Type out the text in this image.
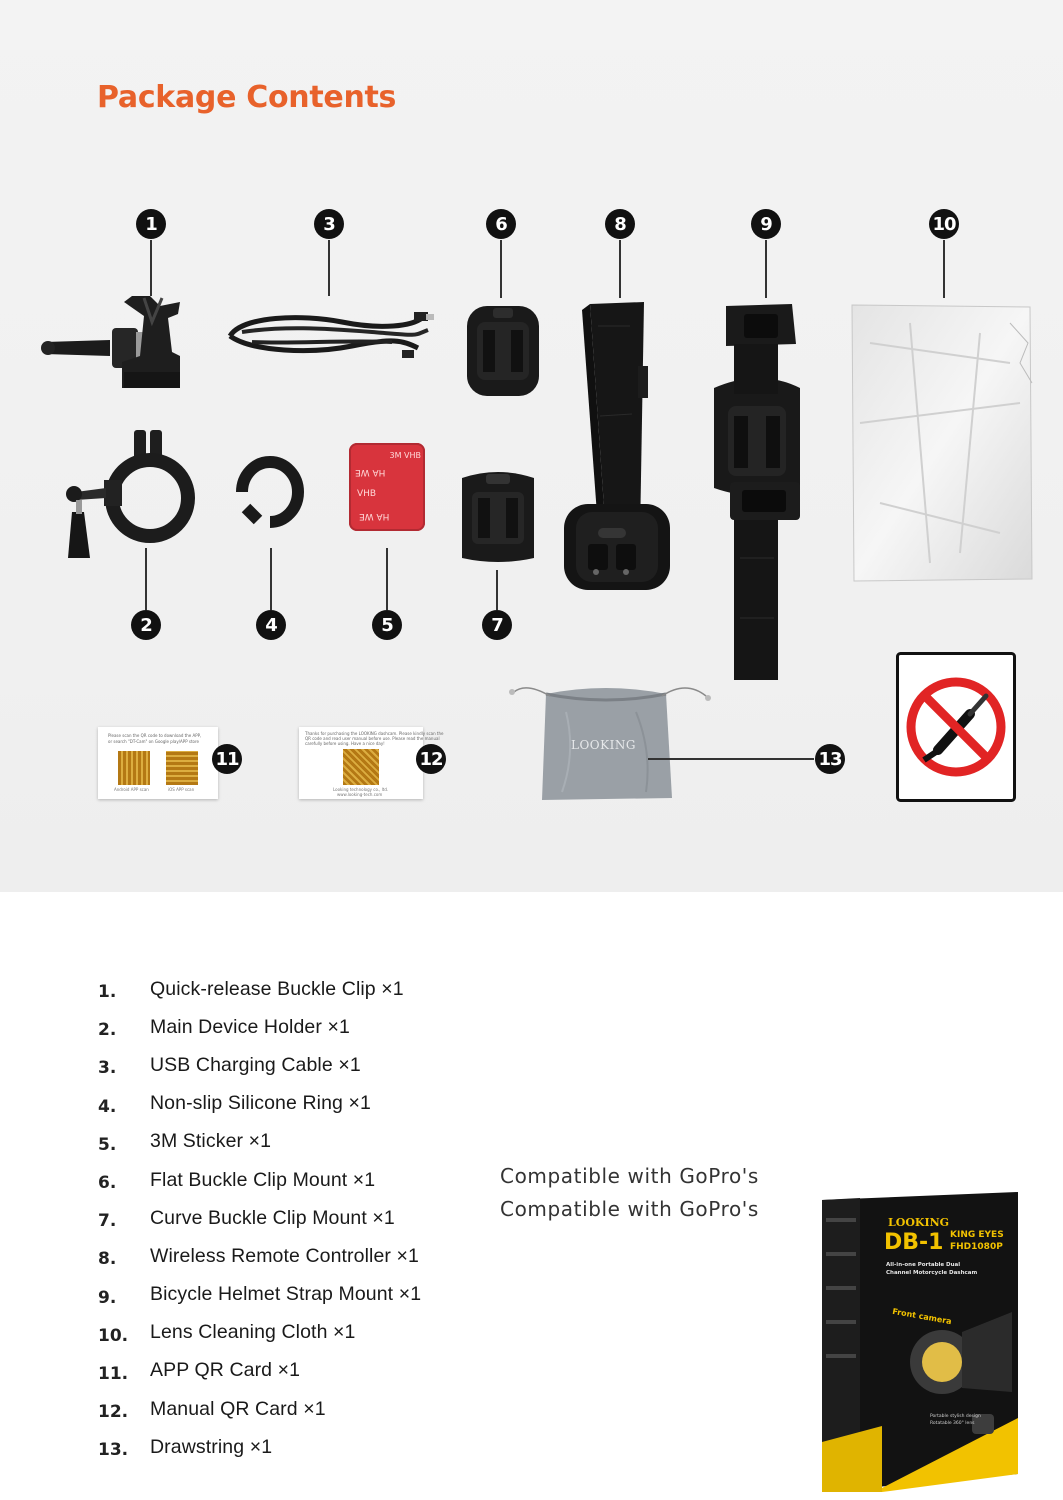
Package Contents
1
2
3
4	5
3M VHB
HA WE
VHB
HA WE
6
7
8	9	10
Please scan the QR code to download the APP,
or search "DT-Cam" on Google play/APP store
Android APP scan	iOS APP scan
11
Thanks for purchasing the LOOKING dashcam. Please kindly scan the
QR code and read user manual before use. Please read the manual
carefully before using. Have a nice day!
Looking technology co., ltd.
www.looking-tech.com
12
LOOKING
13
1.	Quick-release Buckle Clip ×1
2.	Main Device Holder ×1
3.	USB Charging Cable ×1
4.	Non-slip Silicone Ring ×1
5.	3M Sticker ×1
6.	Flat Buckle Clip Mount ×1
7.	Curve Buckle Clip Mount ×1
8.	Wireless Remote Controller ×1
9.	Bicycle Helmet Strap Mount ×1
10.	Lens Cleaning Cloth ×1
11.	APP QR Card ×1
12.	Manual QR Card ×1
13.	Drawstring ×1
Compatible with GoPro's
Compatible with GoPro's
LOOKING
DB-1 KING EYES
FHD1080P
All-in-one Portable Dual
Channel Motorcycle Dashcam
Front camera
Portable stylish design
Rotatable 360° lens
